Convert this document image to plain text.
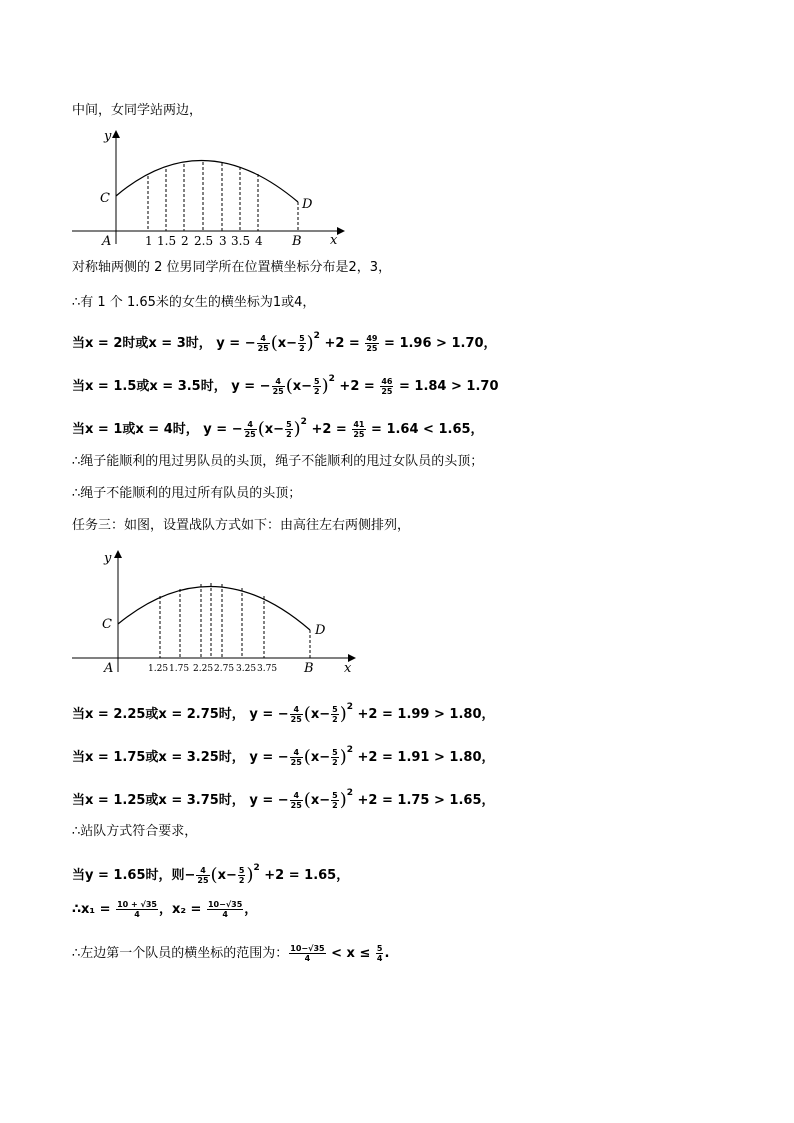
中间，女同学站两边，
y
x
C	D
A	B
1 1.5 2 2.5 3 3.5 4
对称轴两侧的 2 位男同学所在位置横坐标分布是2，3，
∴有 1 个 1.65米的女生的横坐标为1或4，
当x = 2时或x = 3时， y = − $\frac{4}{25} (x- \frac{5}{2} )^2 +2 = \frac{49}{25} = 1.96 > 1.70$，
当x = 1.5或x = 3.5时， y = − $\frac{4}{25} (x- \frac{5}{2} )^2 +2 = \frac{46}{25} = 1.84 > 1.70$
当x = 1或x = 4时， y = − $\frac{4}{25} (x- \frac{5}{2} )^2 +2 = \frac{41}{25} = 1.64 < 1.65$，
∴绳子能顺利的甩过男队员的头顶，绳子不能顺利的甩过女队员的头顶；
∴绳子不能顺利的甩过所有队员的头顶；
任务三：如图，设置战队方式如下：由高往左右两侧排列，
y
x
C	D
A	B
1.25 1.75 2.25 2.75 3.25 3.75
当x = 2.25或x = 2.75时， y = − $\frac{4}{25} (x- \frac{5}{2} )^2 +2 = 1.99 > 1.80$，
当x = 1.75或x = 3.25时， y = − $\frac{4}{25} (x- \frac{5}{2} )^2 +2 = 1.91 > 1.80$，
当x = 1.25或x = 3.75时， y = − $\frac{4}{25} (x- \frac{5}{2} )^2 +2 = 1.75 > 1.65$，
∴站队方式符合要求，
当y = 1.65时，则− $\frac{4}{25} (x- \frac{5}{2} )^2 +2 = 1.65$，
∴x₁ = $\frac{10 + √35}{4}$ ，$x_2 = \frac{10-√35}{4}$ ，
∴左边第一个队员的横坐标的范围为： $\frac{10-√35}{4} < x \le \frac{5}{4}$ .
